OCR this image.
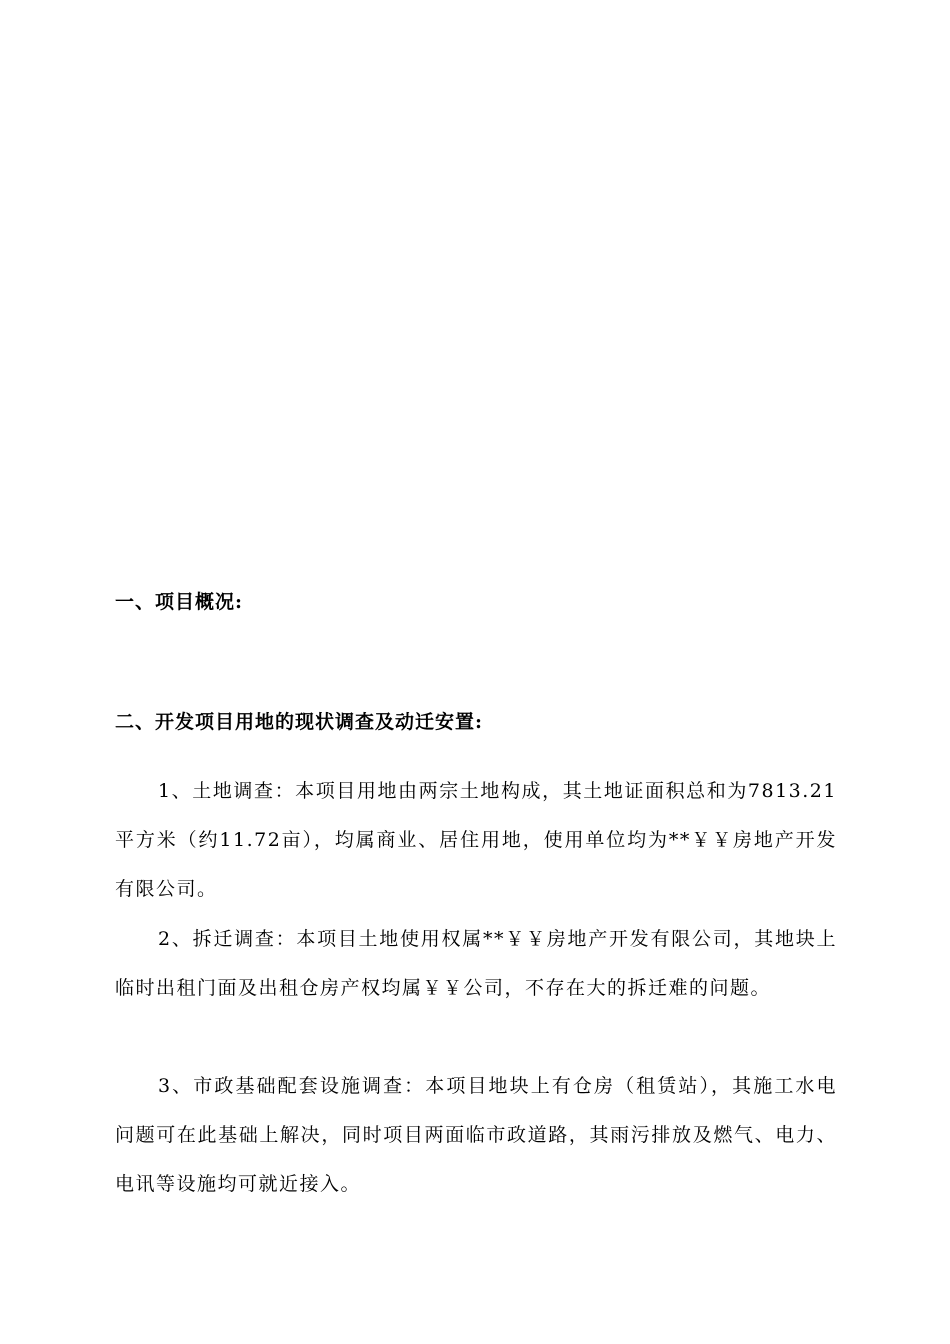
一、项目概况:
二、开发项目用地的现状调查及动迁安置:

1、土地调查：本项目用地由两宗土地构成，其土地证面积总和为7813.21平方米（约11.72亩），均属商业、居住用地，使用单位均为**￥￥房地产开发有限公司。

2、拆迁调查：本项目土地使用权属**￥￥房地产开发有限公司，其地块上临时出租门面及出租仓房产权均属￥￥公司，不存在大的拆迁难的问题。

3、市政基础配套设施调查：本项目地块上有仓房（租赁站），其施工水电问题可在此基础上解决，同时项目两面临市政道路，其雨污排放及燃气、电力、电讯等设施均可就近接入。
